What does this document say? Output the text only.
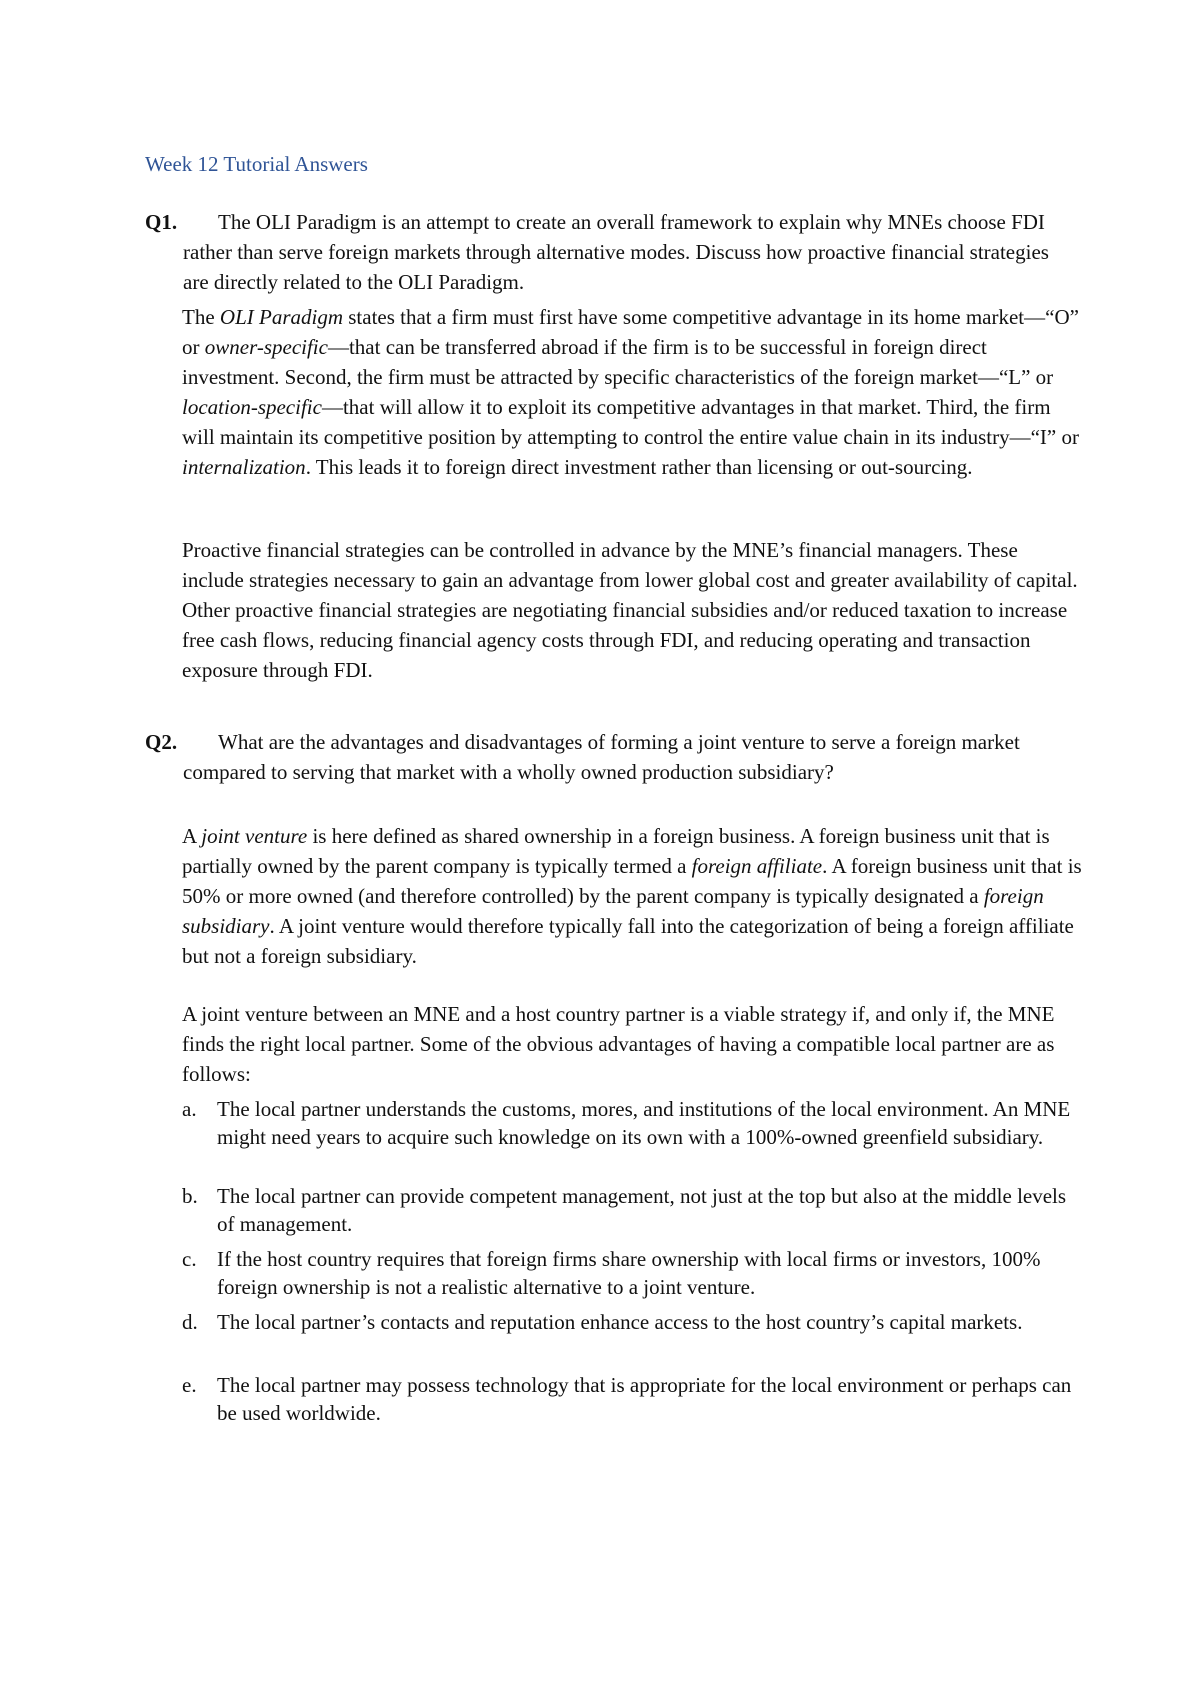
Week 12 Tutorial Answers
Q1.	The OLI Paradigm is an attempt to create an overall framework to explain why MNEs choose FDI rather than serve foreign markets through alternative modes. Discuss how proactive financial strategies are directly related to the OLI Paradigm.

The OLI Paradigm states that a firm must first have some competitive advantage in its home market—“O” or owner-specific—that can be transferred abroad if the firm is to be successful in foreign direct investment. Second, the firm must be attracted by specific characteristics of the foreign market—“L” or location-specific—that will allow it to exploit its competitive advantages in that market. Third, the firm will maintain its competitive position by attempting to control the entire value chain in its industry—“I” or internalization. This leads it to foreign direct investment rather than licensing or out-sourcing.

Proactive financial strategies can be controlled in advance by the MNE’s financial managers. These include strategies necessary to gain an advantage from lower global cost and greater availability of capital. Other proactive financial strategies are negotiating financial subsidies and/or reduced taxation to increase free cash flows, reducing financial agency costs through FDI, and reducing operating and transaction exposure through FDI.

Q2.	What are the advantages and disadvantages of forming a joint venture to serve a foreign market compared to serving that market with a wholly owned production subsidiary?

A joint venture is here defined as shared ownership in a foreign business. A foreign business unit that is partially owned by the parent company is typically termed a foreign affiliate. A foreign business unit that is 50% or more owned (and therefore controlled) by the parent company is typically designated a foreign subsidiary. A joint venture would therefore typically fall into the categorization of being a foreign affiliate but not a foreign subsidiary.

A joint venture between an MNE and a host country partner is a viable strategy if, and only if, the MNE finds the right local partner. Some of the obvious advantages of having a compatible local partner are as follows:

a. The local partner understands the customs, mores, and institutions of the local environment. An MNE might need years to acquire such knowledge on its own with a 100%-owned greenfield subsidiary.
b. The local partner can provide competent management, not just at the top but also at the middle levels of management.
c. If the host country requires that foreign firms share ownership with local firms or investors, 100% foreign ownership is not a realistic alternative to a joint venture.
d. The local partner’s contacts and reputation enhance access to the host country’s capital markets.
e. The local partner may possess technology that is appropriate for the local environment or perhaps can be used worldwide.
